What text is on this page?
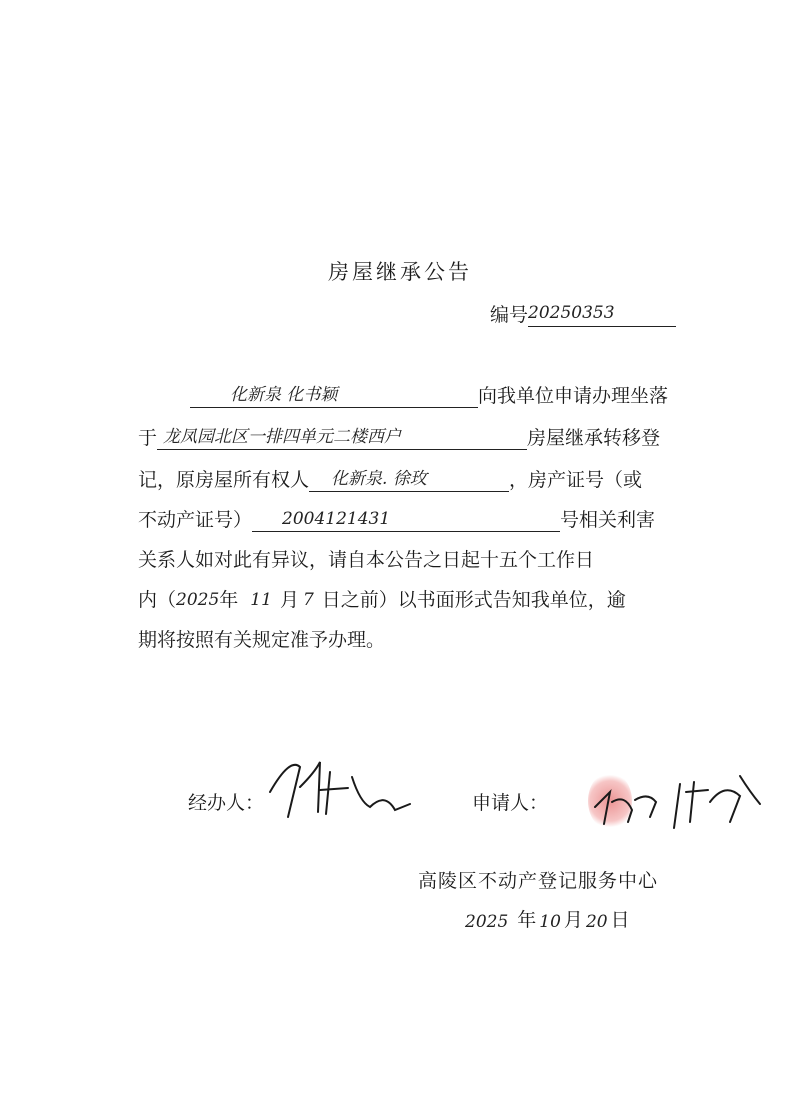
房屋继承公告
编号 20250353
化新泉 化书颖	向我单位申请办理坐落
于 龙凤园北区一排四单元二楼西户	房屋继承转移登
记，原房屋所有权人	化新泉. 徐玫	，房产证号（或
不动产证号）	2004121431	号相关利害
关系人如对此有异议，请自本公告之日起十五个工作日
内（ 2025 年 11 月 7 日之前）以书面形式告知我单位，逾
期将按照有关规定准予办理。
经办人：	申请人：
高陵区不动产登记服务中心
2025 年 10 月 20 日
